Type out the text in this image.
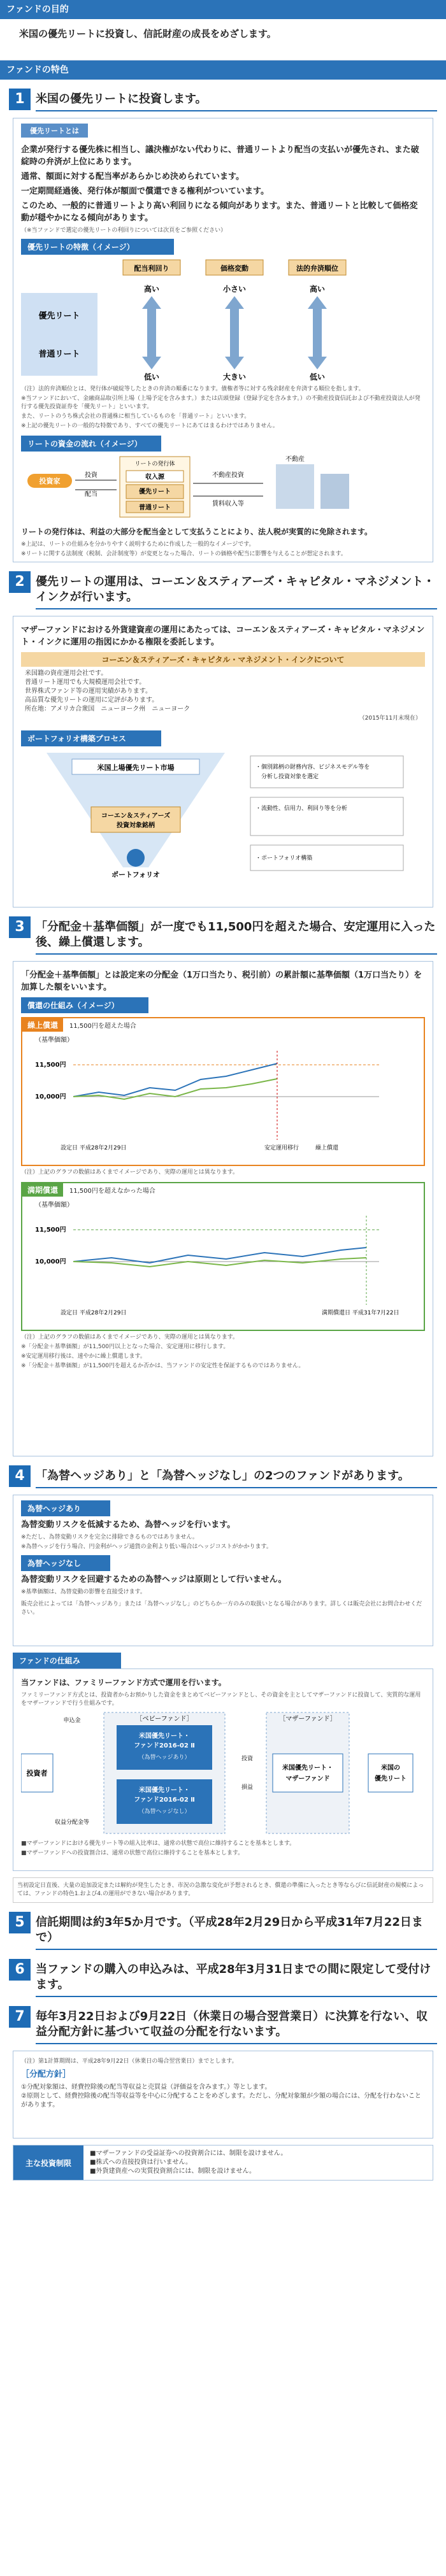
ファンドの目的
米国の優先リートに投資し、信託財産の成長をめざします。
ファンドの特色
1 米国の優先リートに投資します。
優先リートとは
企業が発行する優先株に相当し、議決権がない代わりに、普通リートより配当の支払いが優先され、また破綻時の弁済が上位にあります。
通常、額面に対する配当率があらかじめ決められています。
一定期間経過後、発行体が額面で償還できる権利がついています。
このため、一般的に普通リートより高い利回りになる傾向があります。また、普通リートと比較して価格変動が穏やかになる傾向があります。
（※当ファンドで選定の優先リートの利回りについては次頁をご参照ください）
優先リートの特徴（イメージ）
優先リート
普通リート
配当利回り
高い
低い
価格変動
小さい
大きい
法的弁済順位
高い
低い
（注）法的弁済順位とは、発行体が破綻等したときの弁済の順番になります。債権者等に対する残余財産を弁済する順位を指します。
※当ファンドにおいて、金融商品取引所上場（上場予定を含みます。）または店頭登録（登録予定を含みます。）の不動産投資信託および不動産投資法人が発行する優先投資証券を「優先リート」といいます。
また、リートのうち株式会社の普通株に相当しているものを「普通リート」といいます。
※上記の優先リートの一般的な特徴であり、すべての優先リートにあてはまるわけではありません。
リートの資金の流れ（イメージ）
投資家
投資
配当
リートの発行体
収入源
優先リート
普通リート
不動産投資
賃料収入等
不動産
リートの発行体は、利益の大部分を配当金として支払うことにより、法人税が実質的に免除されます。
※上記は、リートの仕組みを分かりやすく説明するために作成した一般的なイメージです。
※リートに関する法制度（税制、会計制度等）が変更となった場合、リートの価格や配当に影響を与えることが想定されます。
2 優先リートの運用は、コーエン＆スティアーズ・キャピタル・マネジメント・インクが行います。
マザーファンドにおける外貨建資産の運用にあたっては、コーエン＆スティアーズ・キャピタル・マネジメント・インクに運用の指図にかかる権限を委託します。
コーエン＆スティアーズ・キャピタル・マネジメント・インクについて
米国籍の資産運用会社です。
普通リート運用でも大規模運用会社です。
世界株式ファンド等の運用実績があります。
高品質な優先リートの運用に定評があります。
所在地：アメリカ合衆国　ニューヨーク州　ニューヨーク
（2015年11月末現在）
ポートフォリオ構築プロセス
米国上場優先リート市場
コーエン＆スティアーズ
投資対象銘柄
ポートフォリオ
・個別銘柄の財務内容、ビジネスモデル等を
　分析し投資対象を選定
・流動性、信用力、利回り等を分析
・ポートフォリオ構築
3 「分配金＋基準価額」が一度でも11,500円を超えた場合、安定運用に入った後、繰上償還します。
「分配金＋基準価額」とは設定来の分配金（1万口当たり、税引前）の累計額に基準価額（1万口当たり）を加算した額をいいます。
償還の仕組み（イメージ）
繰上償還 11,500円を超えた場合
（基準価額）
11,500円
10,000円
安定運用移行	繰上償還
設定日 平成28年2月29日
（注）上記のグラフの数値はあくまでイメージであり、実際の運用とは異なります。
満期償還 11,500円を超えなかった場合
（基準価額）
11,500円
10,000円
満期償還日 平成31年7月22日
設定日 平成28年2月29日
（注）上記のグラフの数値はあくまでイメージであり、実際の運用とは異なります。
※「分配金＋基準価額」が11,500円以上となった場合、安定運用に移行します。
※安定運用移行後は、速やかに繰上償還します。
※「分配金＋基準価額」が11,500円を超えるか否かは、当ファンドの安定性を保証するものではありません。
4 「為替ヘッジあり」と「為替ヘッジなし」の2つのファンドがあります。
為替ヘッジあり
為替変動リスクを低減するため、為替ヘッジを行います。
※ただし、為替変動リスクを完全に排除できるものではありません。
※為替ヘッジを行う場合、円金利がヘッジ通貨の金利より低い場合はヘッジコストがかかります。
為替ヘッジなし
為替変動リスクを回避するための為替ヘッジは原則として行いません。
※基準価額は、為替変動の影響を直接受けます。
販売会社によっては「為替ヘッジあり」または「為替ヘッジなし」のどちらか一方のみの取扱いとなる場合があります。詳しくは販売会社にお問合わせください。
ファンドの仕組み
当ファンドは、ファミリーファンド方式で運用を行います。
ファミリーファンド方式とは、投資者からお預かりした資金をまとめてベビーファンドとし、その資金を主としてマザーファンドに投資して、実質的な運用をマザーファンドで行う仕組みです。
投資者
申込金
収益分配金等
［ベビーファンド］
米国優先リート・
ファンド2016-02 Ⅱ
（為替ヘッジあり）
米国優先リート・
ファンド2016-02 Ⅱ
（為替ヘッジなし）
投資
損益
［マザーファンド］
米国優先リート・
マザーファンド
米国の
優先リート
■マザーファンドにおける優先リート等の組入比率は、通常の状態で高位に維持することを基本とします。
■マザーファンドへの投資割合は、通常の状態で高位に維持することを基本とします。
当初設定日直後、大量の追加設定または解約が発生したとき、市況の急激な変化が予想されるとき、償還の準備に入ったとき等ならびに信託財産の規模によっては、ファンドの特色1.および4.の運用ができない場合があります。
5 信託期間は約3年5か月です。（平成28年2月29日から平成31年7月22日まで）
6 当ファンドの購入の申込みは、平成28年3月31日までの間に限定して受付けます。
7 毎年3月22日および9月22日（休業日の場合翌営業日）に決算を行ない、収益分配方針に基づいて収益の分配を行ないます。
（注）第1計算期間は、平成28年9月22日（休業日の場合翌営業日）までとします。
［分配方針］
①分配対象額は、経費控除後の配当等収益と売買益（評価益を含みます。）等とします。
②原則として、経費控除後の配当等収益等を中心に分配することをめざします。ただし、分配対象額が少額の場合には、分配を行わないことがあります。
主な投資制限
■マザーファンドの受益証券への投資割合には、制限を設けません。
■株式への直接投資は行いません。
■外貨建資産への実質投資割合には、制限を設けません。
